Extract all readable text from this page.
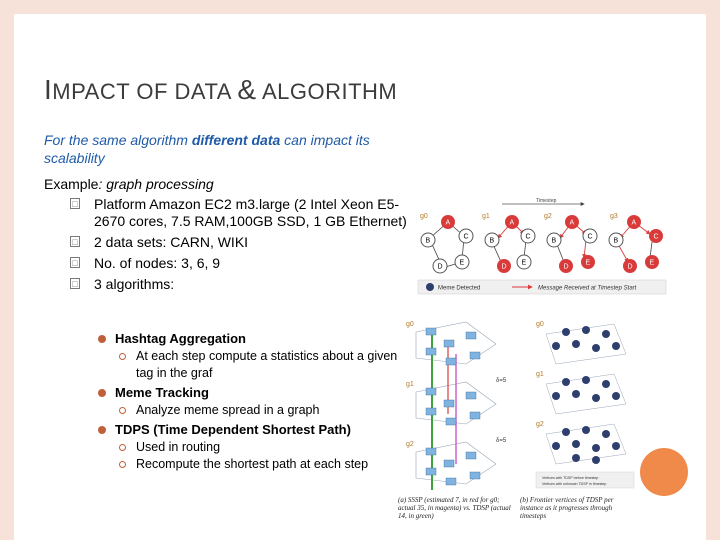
IMPACT OF DATA & ALGORITHM
For the same algorithm different data can impact its scalability
Example: graph processing
□ Platform Amazon EC2 m3.large (2 Intel Xeon E5-2670 cores, 7.5 RAM,100GB SSD, 1 GB Ethernet)
□ 2 data sets: CARN, WIKI
□ No. of nodes: 3, 6, 9
□ 3 algorithms:
Hashtag Aggregation
At each step compute a statistics about a given tag in the graf
Meme Tracking
Analyze meme spread in a graph
TDPS (Time Dependent Shortest Path)
Used in routing
Recompute the shortest path at each step
Timestep
g0
A
B
C
D
E
g1
A
B
C
D
E
g2
A
B
C
D
E
g3
A
B
C
D
E
Meme Detected	Message Received at Timestep Start
g0
g1
g2
δ=5
δ=5
g0
g1
g2
Vertices with TDSP before timestep
Vertices with unknown TDSP in timestep
(a) SSSP (estimated 7, in red for g0; actual 35, in magenta) vs. TDSP (actual 14, in green)
(b) Frontier vertices of TDSP per instance as it progresses through timesteps
